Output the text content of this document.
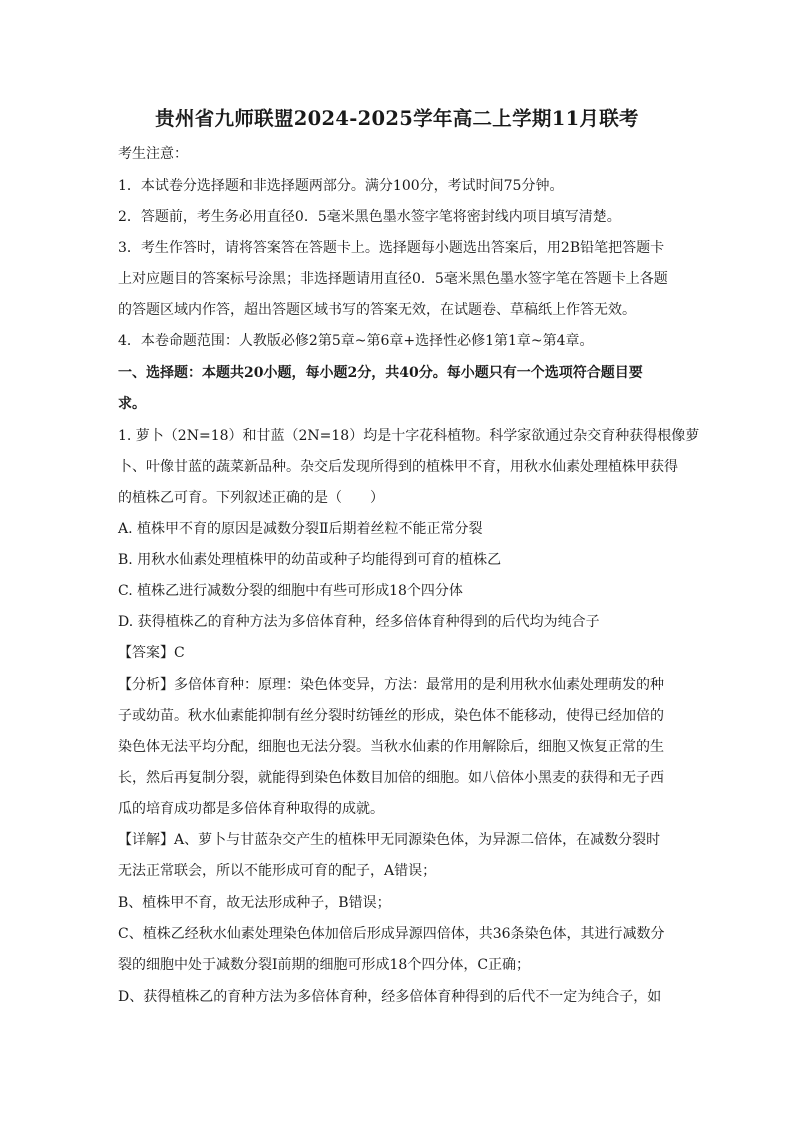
贵州省九师联盟2024-2025学年高二上学期11月联考
考生注意：
1．本试卷分选择题和非选择题两部分。满分100分，考试时间75分钟。
2．答题前，考生务必用直径0．5毫米黑色墨水签字笔将密封线内项目填写清楚。
3．考生作答时，请将答案答在答题卡上。选择题每小题选出答案后，用2B铅笔把答题卡
上对应题目的答案标号涂黑；非选择题请用直径0．5毫米黑色墨水签字笔在答题卡上各题
的答题区域内作答，超出答题区域书写的答案无效，在试题卷、草稿纸上作答无效。
4．本卷命题范围：人教版必修2第5章~第6章+选择性必修1第1章~第4章。
一、选择题：本题共20小题，每小题2分，共40分。每小题只有一个选项符合题目要
求。
1. 萝卜（2N=18）和甘蓝（2N=18）均是十字花科植物。科学家欲通过杂交育种获得根像萝
卜、叶像甘蓝的蔬菜新品种。杂交后发现所得到的植株甲不育，用秋水仙素处理植株甲获得
的植株乙可育。下列叙述正确的是（　　）
A. 植株甲不育的原因是减数分裂Ⅱ后期着丝粒不能正常分裂
B. 用秋水仙素处理植株甲的幼苗或种子均能得到可育的植株乙
C. 植株乙进行减数分裂的细胞中有些可形成18个四分体
D. 获得植株乙的育种方法为多倍体育种，经多倍体育种得到的后代均为纯合子
【答案】C
【分析】多倍体育种：原理：染色体变异，方法：最常用的是利用秋水仙素处理萌发的种
子或幼苗。秋水仙素能抑制有丝分裂时纺锤丝的形成，染色体不能移动，使得已经加倍的
染色体无法平均分配，细胞也无法分裂。当秋水仙素的作用解除后，细胞又恢复正常的生
长，然后再复制分裂，就能得到染色体数目加倍的细胞。如八倍体小黑麦的获得和无子西
瓜的培育成功都是多倍体育种取得的成就。
【详解】A、萝卜与甘蓝杂交产生的植株甲无同源染色体，为异源二倍体，在减数分裂时
无法正常联会，所以不能形成可育的配子，A错误；
B、植株甲不育，故无法形成种子，B错误；
C、植株乙经秋水仙素处理染色体加倍后形成异源四倍体，共36条染色体，其进行减数分
裂的细胞中处于减数分裂Ⅰ前期的细胞可形成18个四分体，C正确；
D、获得植株乙的育种方法为多倍体育种，经多倍体育种得到的后代不一定为纯合子，如
